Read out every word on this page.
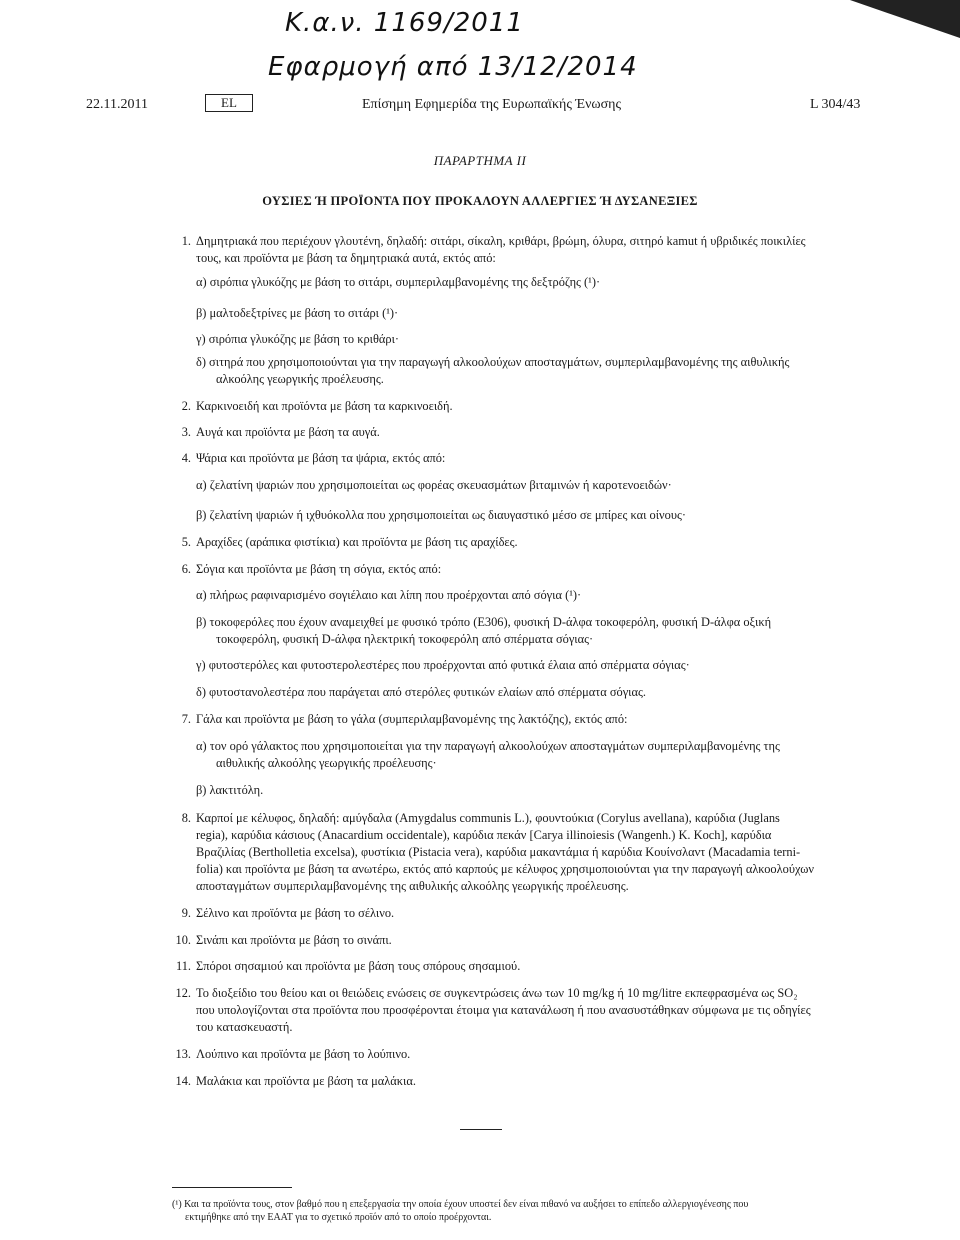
Κ.α.ν. 1169/2011
Εφαρμογή από 13/12/2014
22.11.2011	EL	Επίσημη Εφημερίδα της Ευρωπαϊκής Ένωσης	L 304/43
ΠΑΡΑΡΤΗΜΑ II
ΟΥΣΙΕΣ Ή ΠΡΟΪΟΝΤΑ ΠΟΥ ΠΡΟΚΑΛΟΥΝ ΑΛΛΕΡΓΙΕΣ Ή ΔΥΣΑΝΕΞΙΕΣ
1. Δημητριακά που περιέχουν γλουτένη, δηλαδή: σιτάρι, σίκαλη, κριθάρι, βρώμη, όλυρα, σιτηρό kamut ή υβριδικές ποικιλίες
τους, και προϊόντα με βάση τα δημητριακά αυτά, εκτός από:
α) σιρόπια γλυκόζης με βάση το σιτάρι, συμπεριλαμβανομένης της δεξτρόζης (¹)·
β) μαλτοδεξτρίνες με βάση το σιτάρι (¹)·
γ) σιρόπια γλυκόζης με βάση το κριθάρι·
δ) σιτηρά που χρησιμοποιούνται για την παραγωγή αλκοολούχων αποσταγμάτων, συμπεριλαμβανομένης της αιθυλικής
αλκοόλης γεωργικής προέλευσης.
2. Καρκινοειδή και προϊόντα με βάση τα καρκινοειδή.
3. Αυγά και προϊόντα με βάση τα αυγά.
4. Ψάρια και προϊόντα με βάση τα ψάρια, εκτός από:
α) ζελατίνη ψαριών που χρησιμοποιείται ως φορέας σκευασμάτων βιταμινών ή καροτενοειδών·
β) ζελατίνη ψαριών ή ιχθυόκολλα που χρησιμοποιείται ως διαυγαστικό μέσο σε μπίρες και οίνους·
5. Αραχίδες (αράπικα φιστίκια) και προϊόντα με βάση τις αραχίδες.
6. Σόγια και προϊόντα με βάση τη σόγια, εκτός από:
α) πλήρως ραφιναρισμένο σογιέλαιο και λίπη που προέρχονται από σόγια (¹)·
β) τοκοφερόλες που έχουν αναμειχθεί με φυσικό τρόπο (E306), φυσική D-άλφα τοκοφερόλη, φυσική D-άλφα οξική
τοκοφερόλη, φυσική D-άλφα ηλεκτρική τοκοφερόλη από σπέρματα σόγιας·
γ) φυτοστερόλες και φυτοστερολεστέρες που προέρχονται από φυτικά έλαια από σπέρματα σόγιας·
δ) φυτοστανολεστέρα που παράγεται από στερόλες φυτικών ελαίων από σπέρματα σόγιας.
7. Γάλα και προϊόντα με βάση το γάλα (συμπεριλαμβανομένης της λακτόζης), εκτός από:
α) τον ορό γάλακτος που χρησιμοποιείται για την παραγωγή αλκοολούχων αποσταγμάτων συμπεριλαμβανομένης της
αιθυλικής αλκοόλης γεωργικής προέλευσης·
β) λακτιτόλη.
8. Καρποί με κέλυφος, δηλαδή: αμύγδαλα (Amygdalus communis L.), φουντούκια (Corylus avellana), καρύδια (Juglans
regia), καρύδια κάσιους (Anacardium occidentale), καρύδια πεκάν [Carya illinoiesis (Wangenh.) K. Koch], καρύδια
Βραζιλίας (Bertholletia excelsa), φυστίκια (Pistacia vera), καρύδια μακαντάμια ή καρύδια Κουίνσλαντ (Macadamia terni-
folia) και προϊόντα με βάση τα ανωτέρω, εκτός από καρπούς με κέλυφος χρησιμοποιούνται για την παραγωγή αλκοολούχων
αποσταγμάτων συμπεριλαμβανομένης της αιθυλικής αλκοόλης γεωργικής προέλευσης.
9. Σέλινο και προϊόντα με βάση το σέλινο.
10. Σινάπι και προϊόντα με βάση το σινάπι.
11. Σπόροι σησαμιού και προϊόντα με βάση τους σπόρους σησαμιού.
12. Το διοξείδιο του θείου και οι θειώδεις ενώσεις σε συγκεντρώσεις άνω των 10 mg/kg ή 10 mg/litre εκπεφρασμένα ως SO₂
που υπολογίζονται στα προϊόντα που προσφέρονται έτοιμα για κατανάλωση ή που ανασυστάθηκαν σύμφωνα με τις οδηγίες
του κατασκευαστή.
13. Λούπινο και προϊόντα με βάση το λούπινο.
14. Μαλάκια και προϊόντα με βάση τα μαλάκια.
(¹) Και τα προϊόντα τους, στον βαθμό που η επεξεργασία την οποία έχουν υποστεί δεν είναι πιθανό να αυξήσει το επίπεδο αλλεργιογένεσης που
εκτιμήθηκε από την ΕΑΑΤ για το σχετικό προϊόν από το οποίο προέρχονται.
